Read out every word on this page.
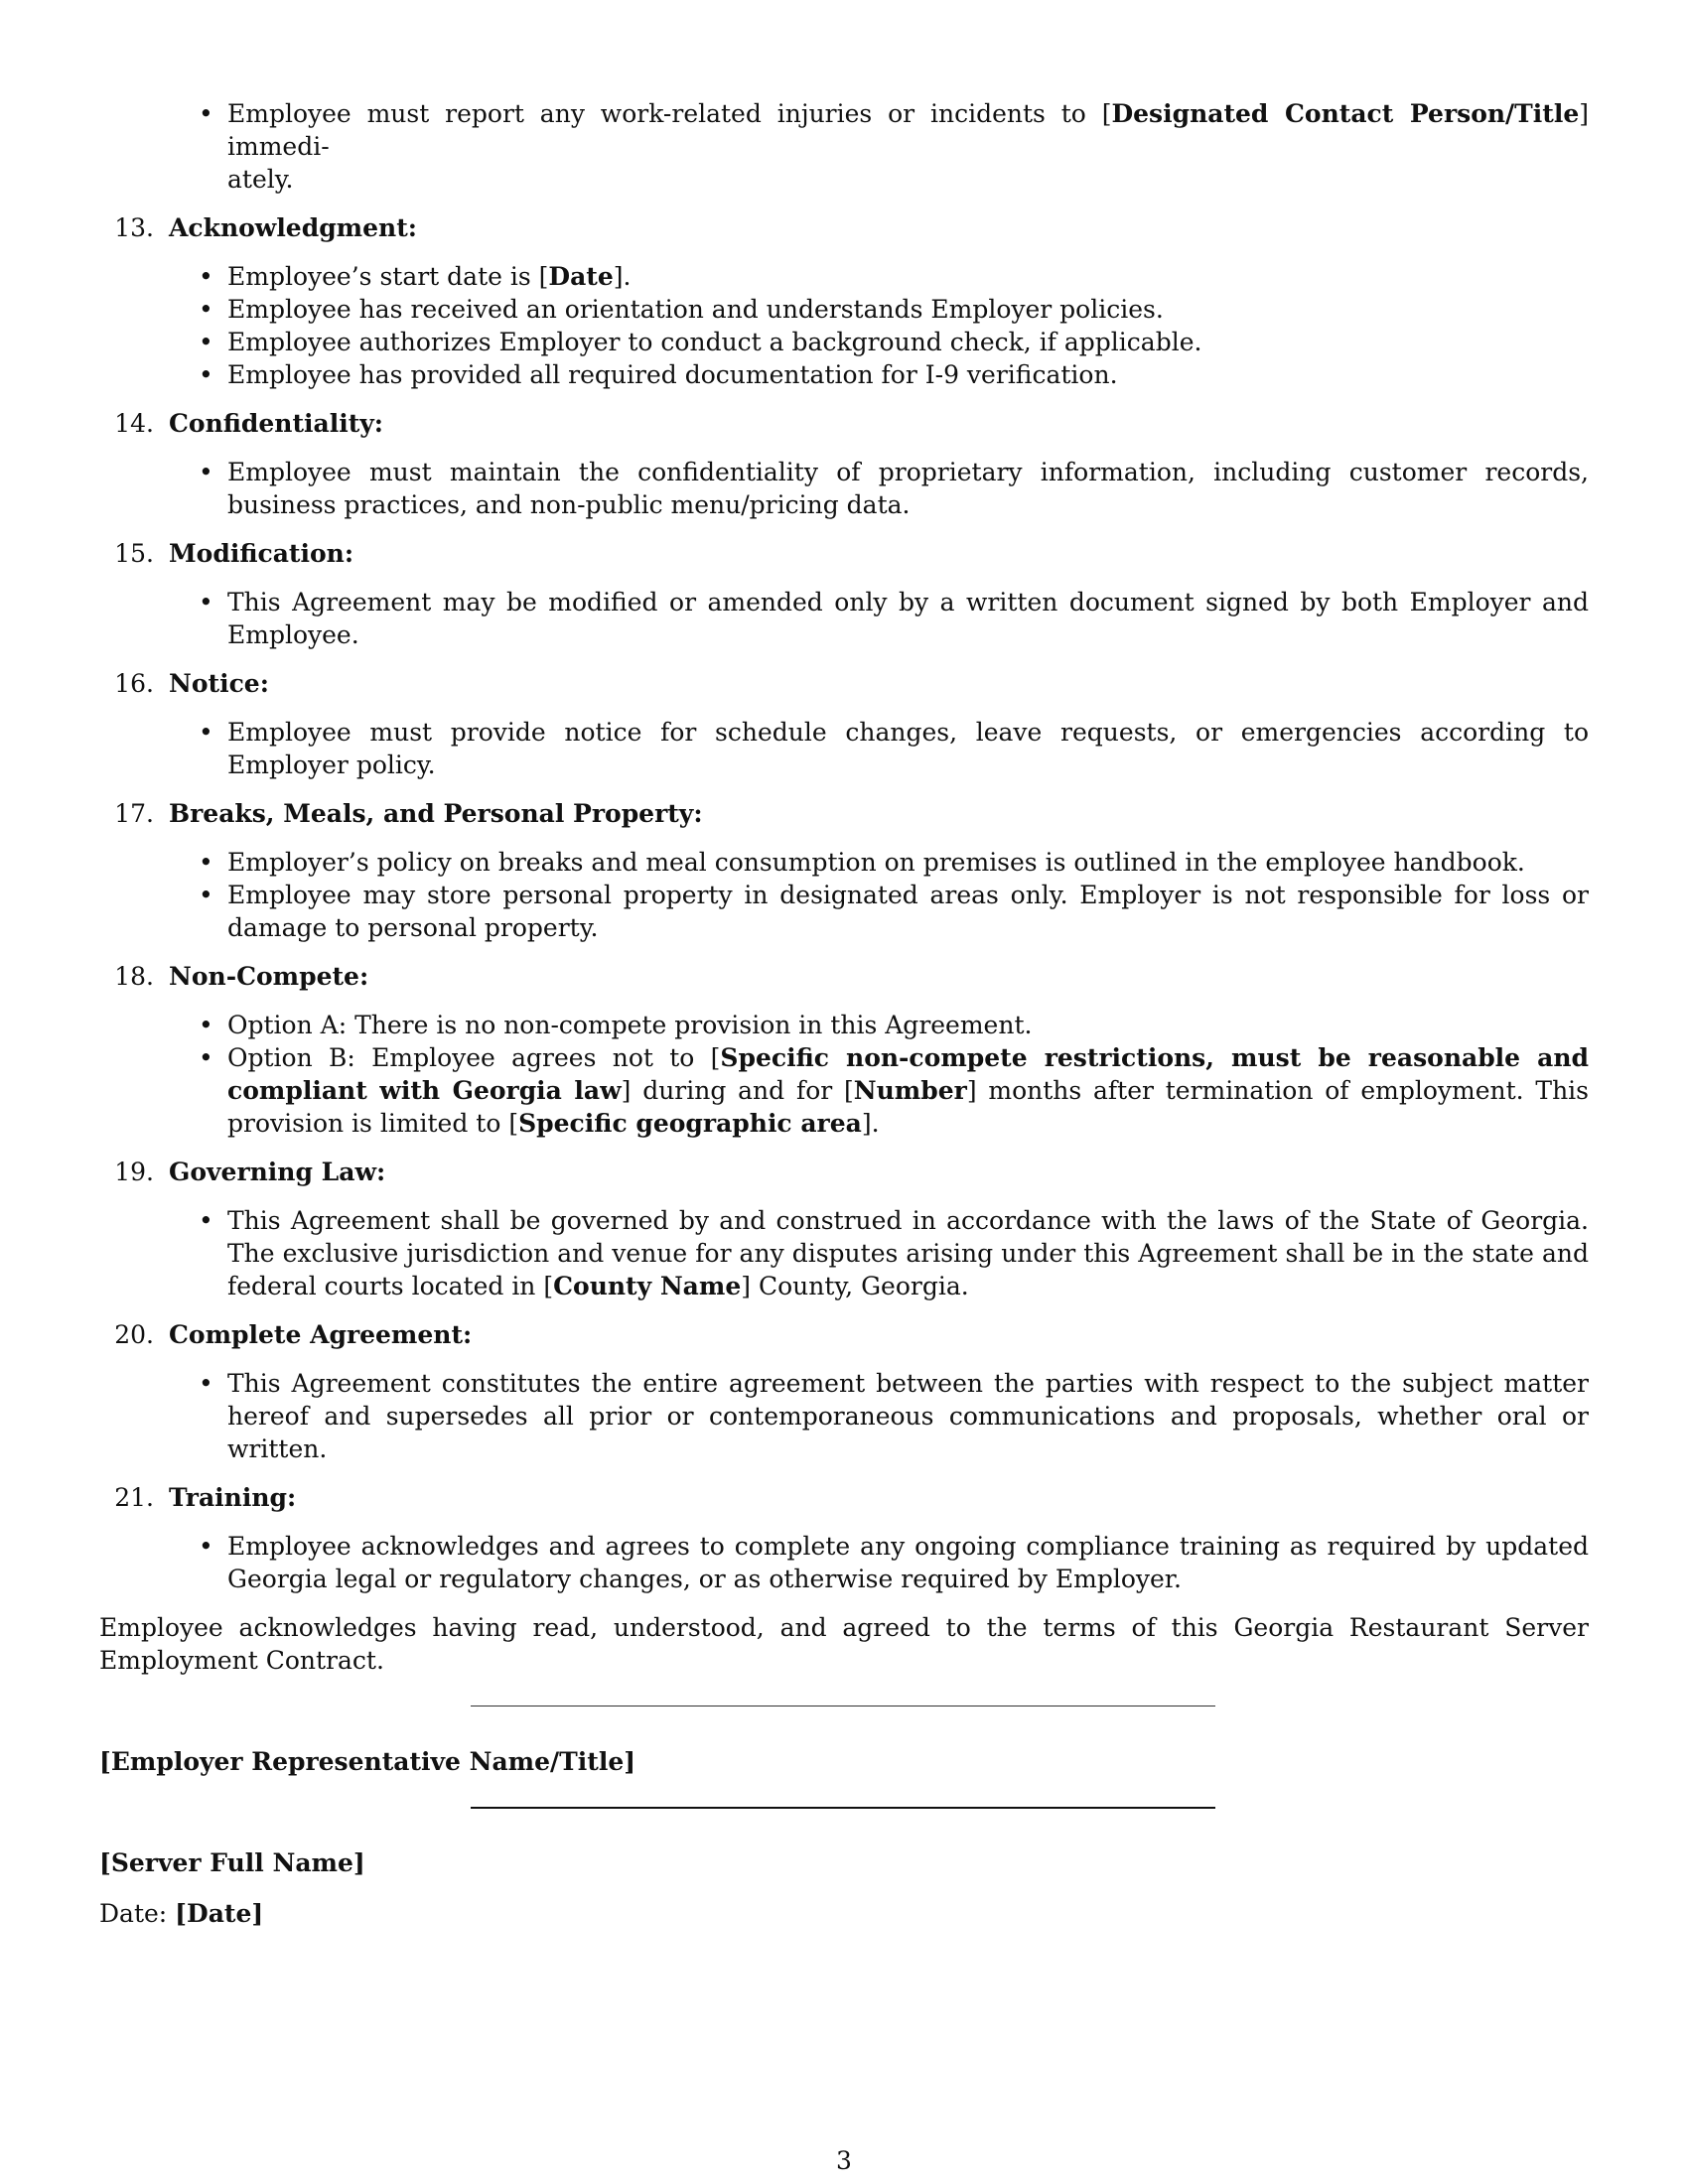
• Employee must report any work-related injuries or incidents to [Designated Contact Person/Title] immedi-
ately.
13. Acknowledgment:
• Employee’s start date is [Date].
• Employee has received an orientation and understands Employer policies.
• Employee authorizes Employer to conduct a background check, if applicable.
• Employee has provided all required documentation for I-9 verification.
14. Confidentiality:
• Employee must maintain the confidentiality of proprietary information, including customer records, business practices, and non-public menu/pricing data.
15. Modification:
• This Agreement may be modified or amended only by a written document signed by both Employer and Employee.
16. Notice:
• Employee must provide notice for schedule changes, leave requests, or emergencies according to Employer policy.
17. Breaks, Meals, and Personal Property:
• Employer’s policy on breaks and meal consumption on premises is outlined in the employee handbook.
• Employee may store personal property in designated areas only. Employer is not responsible for loss or damage to personal property.
18. Non-Compete:
• Option A: There is no non-compete provision in this Agreement.
• Option B: Employee agrees not to [Specific non-compete restrictions, must be reasonable and compliant with Georgia law] during and for [Number] months after termination of employment. This provision is limited to [Specific geographic area].
19. Governing Law:
• This Agreement shall be governed by and construed in accordance with the laws of the State of Georgia. The exclusive jurisdiction and venue for any disputes arising under this Agreement shall be in the state and federal courts located in [County Name] County, Georgia.
20. Complete Agreement:
• This Agreement constitutes the entire agreement between the parties with respect to the subject matter hereof and supersedes all prior or contemporaneous communications and proposals, whether oral or written.
21. Training:
• Employee acknowledges and agrees to complete any ongoing compliance training as required by updated Georgia legal or regulatory changes, or as otherwise required by Employer.
Employee acknowledges having read, understood, and agreed to the terms of this Georgia Restaurant Server Employment Contract.
[Employer Representative Name/Title]
[Server Full Name]
Date: [Date]
3
